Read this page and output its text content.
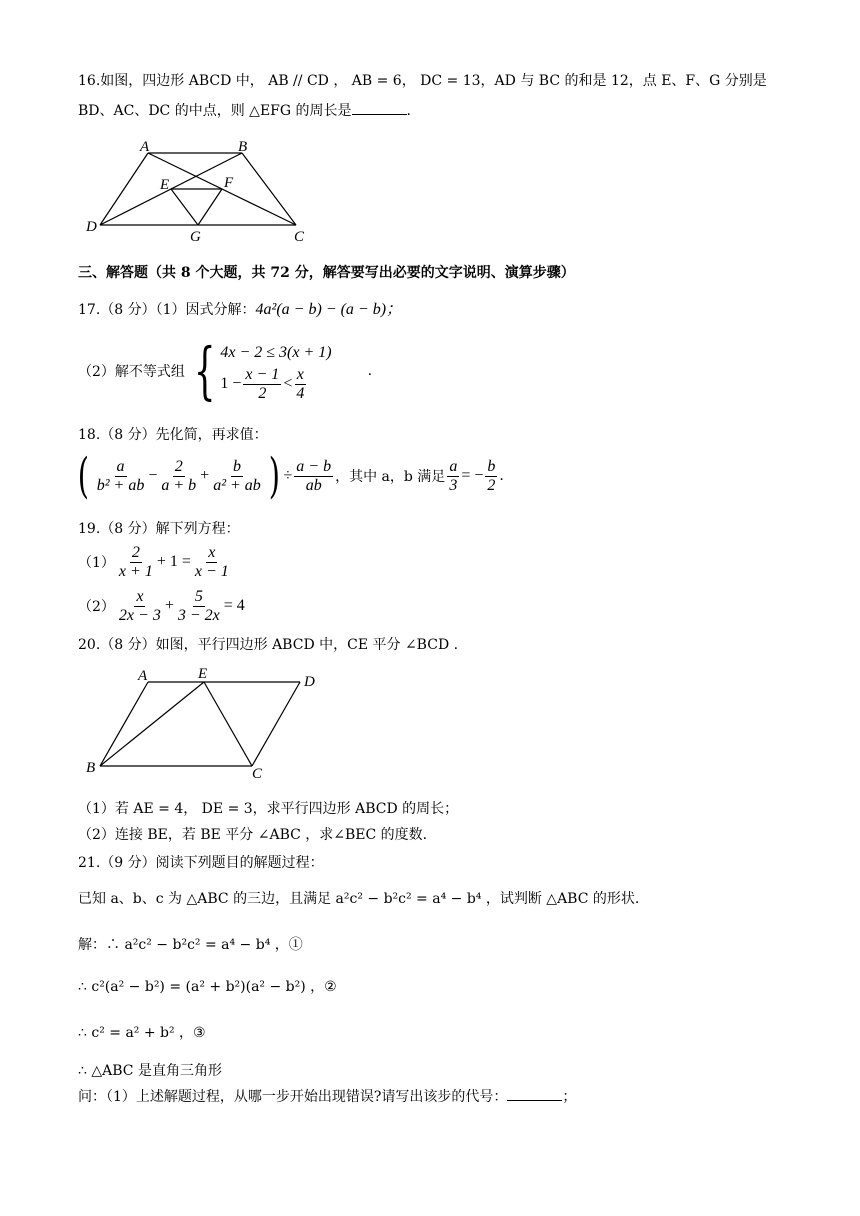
16.如图，四边形 ABCD 中， AB // CD ， AB = 6， DC = 13，AD 与 BC 的和是 12，点 E、F、G 分别是
BD、AC、DC 的中点，则 △EFG 的周长是	.
A	B
C
D
E	F
G
三、解答题（共 8 个大题，共 72 分，解答要写出必要的文字说明、演算步骤）
17.（8 分）（1）因式分解：4a²(a − b) − (a − b)；
（2）解不等式组 { 4x − 2 ≤ 3(x + 1)
$1 - \frac{x - 1}{2} < \frac{x}{4}$	.
18.（8 分）先化简，再求值：
( $\frac{a}{\text{b² + ab}} - \frac{2}{a + b} + \frac{b}{\text{a² + ab}}$ ) ÷ $\frac{a - b}{ab}$ ，其中 a，b 满足 $\frac{a}{3}$ = − $\frac{b}{2}$ .
19.（8 分）解下列方程：
$(1) \frac{2}{x + 1} + 1 = \frac{x}{x - 1}$
$(2) \frac{x}{2x - 3} + \frac{5}{3 - 2x} = 4$
20.（8 分）如图，平行四边形 ABCD 中，CE 平分 ∠BCD .
A	E	D
B	C
（1）若 AE = 4， DE = 3，求平行四边形 ABCD 的周长；
（2）连接 BE，若 BE 平分 ∠ABC ，求∠BEC 的度数.
21.（9 分）阅读下列题目的解题过程：
已知 a、b、c 为 △ABC 的三边，且满足 a²c² − b²c² = a⁴ − b⁴ ，试判断 △ABC 的形状.
解：∴ a²c² − b²c² = a⁴ − b⁴ ，①
∴ c²(a² − b²) = (a² + b²)(a² − b²) ，②
∴ c² = a² + b² ，③
∴ △ABC 是直角三角形
问：（1）上述解题过程，从哪一步开始出现错误?请写出该步的代号：	；
